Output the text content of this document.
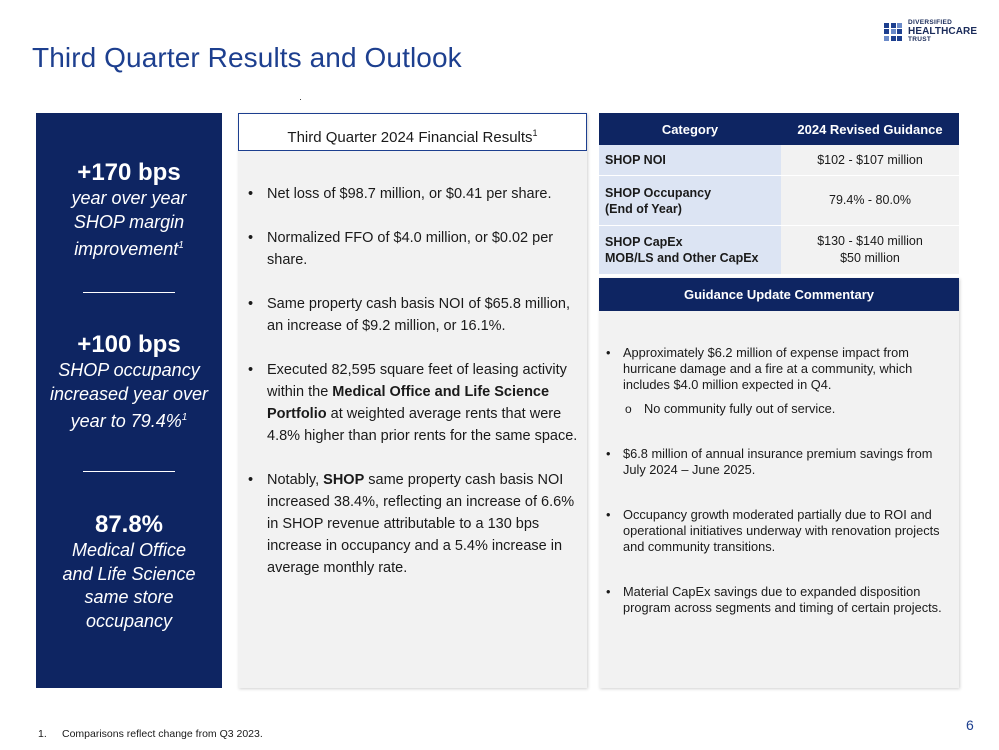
Third Quarter Results and Outlook
DIVERSIFIED
HEALTHCARE
TRUST
+170 bps
year over year SHOP margin improvement$^1$
+100 bps
SHOP occupancy increased year over year to 79.4%$^1$
87.8%
Medical Office and Life Science same store occupancy
Third Quarter 2024 Financial Results$^1$
• Net loss of $98.7 million, or $0.41 per share.
• Normalized FFO of $4.0 million, or $0.02 per share.
• Same property cash basis NOI of $65.8 million, an increase of $9.2 million, or 16.1%.
• Executed 82,595 square feet of leasing activity within the Medical Office and Life Science Portfolio at weighted average rents that were 4.8% higher than prior rents for the same space.
• Notably, SHOP same property cash basis NOI increased 38.4%, reflecting an increase of 6.6% in SHOP revenue attributable to a 130 bps increase in occupancy and a 5.4% increase in average monthly rate.
Category	2024 Revised Guidance
SHOP NOI	$102 - $107 million
SHOP Occupancy
(End of Year)	79.4% - 80.0%
SHOP CapEx
MOB/LS and Other CapEx	$130 - $140 million
$50 million
Guidance Update Commentary
• Approximately $6.2 million of expense impact from hurricane damage and a fire at a community, which includes $4.0 million expected in Q4.
o No community fully out of service.
• $6.8 million of annual insurance premium savings from July 2024 – June 2025.
• Occupancy growth moderated partially due to ROI and operational initiatives underway with renovation projects and community transitions.
• Material CapEx savings due to expanded disposition program across segments and timing of certain projects.
1. Comparisons reflect change from Q3 2023.
6
